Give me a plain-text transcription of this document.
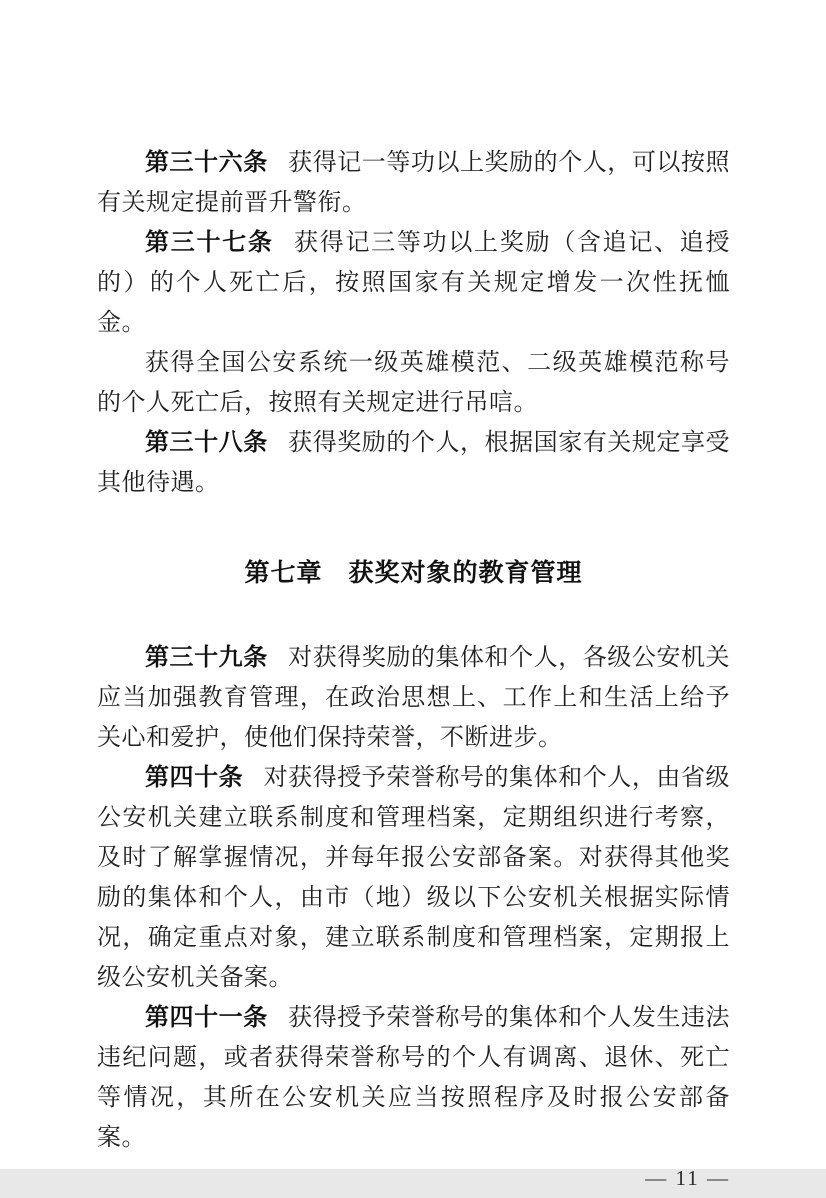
第三十六条 获得记一等功以上奖励的个人，可以按照有关规定提前晋升警衔。

第三十七条 获得记三等功以上奖励（含追记、追授的）的个人死亡后，按照国家有关规定增发一次性抚恤金。

获得全国公安系统一级英雄模范、二级英雄模范称号的个人死亡后，按照有关规定进行吊唁。

第三十八条 获得奖励的个人，根据国家有关规定享受其他待遇。

第七章　获奖对象的教育管理

第三十九条 对获得奖励的集体和个人，各级公安机关应当加强教育管理，在政治思想上、工作上和生活上给予关心和爱护，使他们保持荣誉，不断进步。

第四十条 对获得授予荣誉称号的集体和个人，由省级公安机关建立联系制度和管理档案，定期组织进行考察，及时了解掌握情况，并每年报公安部备案。对获得其他奖励的集体和个人，由市（地）级以下公安机关根据实际情况，确定重点对象，建立联系制度和管理档案，定期报上级公安机关备案。

第四十一条 获得授予荣誉称号的集体和个人发生违法违纪问题，或者获得荣誉称号的个人有调离、退休、死亡等情况，其所在公安机关应当按照程序及时报公安部备案。

— 11 —
